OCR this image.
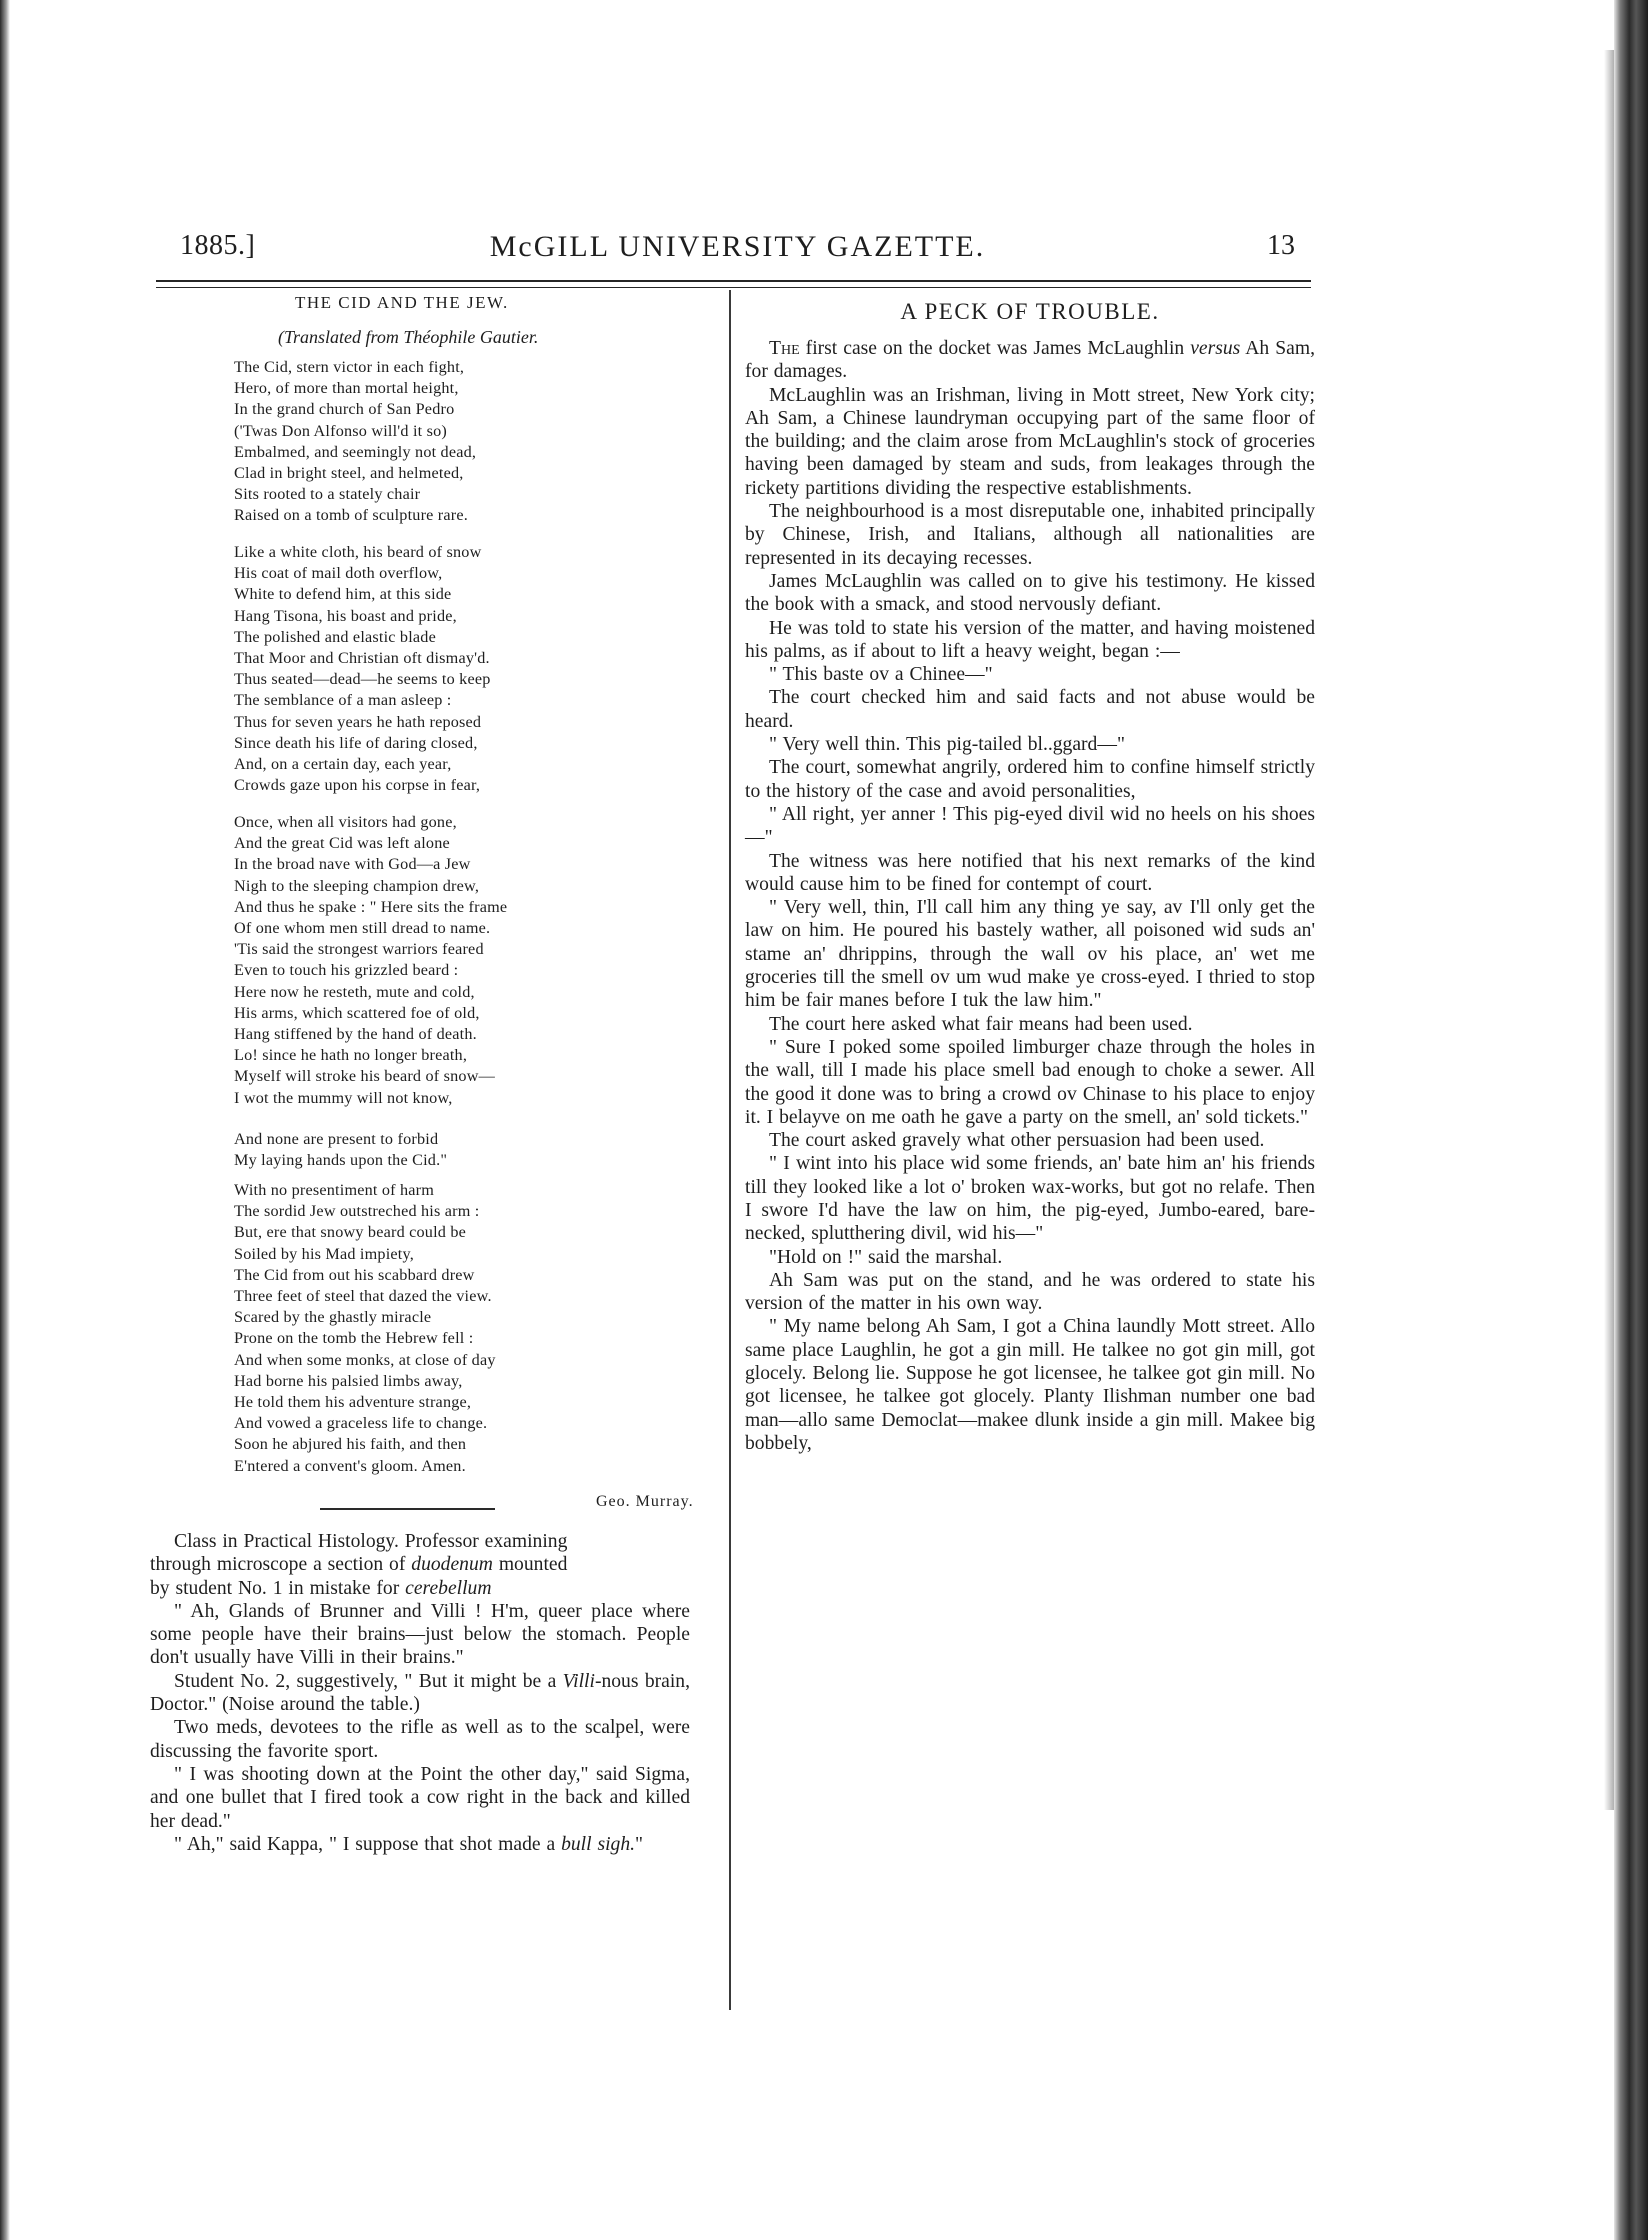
1885.]	McGILL UNIVERSITY GAZETTE.	13
THE CID AND THE JEW.
(Translated from Théophile Gautier.
The Cid, stern victor in each fight,
Hero, of more than mortal height,
In the grand church of San Pedro
('Twas Don Alfonso will'd it so)
Embalmed, and seemingly not dead,
Clad in bright steel, and helmeted,
Sits rooted to a stately chair
Raised on a tomb of sculpture rare.
Like a white cloth, his beard of snow
His coat of mail doth overflow,
White to defend him, at this side
Hang Tisona, his boast and pride,
The polished and elastic blade
That Moor and Christian oft dismay'd.
Thus seated—dead—he seems to keep
The semblance of a man asleep :
Thus for seven years he hath reposed
Since death his life of daring closed,
And, on a certain day, each year,
Crowds gaze upon his corpse in fear,
Once, when all visitors had gone,
And the great Cid was left alone
In the broad nave with God—a Jew
Nigh to the sleeping champion drew,
And thus he spake : " Here sits the frame
Of one whom men still dread to name.
'Tis said the strongest warriors feared
Even to touch his grizzled beard :
Here now he resteth, mute and cold,
His arms, which scattered foe of old,
Hang stiffened by the hand of death.
Lo! since he hath no longer breath,
Myself will stroke his beard of snow—
I wot the mummy will not know,
And none are present to forbid
My laying hands upon the Cid."
With no presentiment of harm
The sordid Jew outstreched his arm :
But, ere that snowy beard could be
Soiled by his Mad impiety,
The Cid from out his scabbard drew
Three feet of steel that dazed the view.
Scared by the ghastly miracle
Prone on the tomb the Hebrew fell :
And when some monks, at close of day
Had borne his palsied limbs away,
He told them his adventure strange,
And vowed a graceless life to change.
Soon he abjured his faith, and then
E'ntered a convent's gloom. Amen.
Geo. Murray.

Class in Practical Histology. Professor examining
through microscope a section of duodenum mounted
by student No. 1 in mistake for cerebellum

" Ah, Glands of Brunner and Villi ! H'm, queer place where some people have their brains—just below the stomach. People don't usually have Villi in their brains."

Student No. 2, suggestively, " But it might be a Villi-nous brain, Doctor." (Noise around the table.)

Two meds, devotees to the rifle as well as to the scalpel, were discussing the favorite sport.

" I was shooting down at the Point the other day," said Sigma, and one bullet that I fired took a cow right in the back and killed her dead."

" Ah," said Kappa, " I suppose that shot made a bull sigh."

A PECK OF TROUBLE.

The first case on the docket was James McLaughlin versus Ah Sam, for damages.

McLaughlin was an Irishman, living in Mott street, New York city; Ah Sam, a Chinese laundryman occupying part of the same floor of the building; and the claim arose from McLaughlin's stock of groceries having been damaged by steam and suds, from leakages through the rickety partitions dividing the respective establishments.

The neighbourhood is a most disreputable one, inhabited principally by Chinese, Irish, and Italians, although all nationalities are represented in its decaying recesses.

James McLaughlin was called on to give his testimony. He kissed the book with a smack, and stood nervously defiant.

He was told to state his version of the matter, and having moistened his palms, as if about to lift a heavy weight, began :—

" This baste ov a Chinee—"

The court checked him and said facts and not abuse would be heard.

" Very well thin. This pig-tailed bl..ggard—"

The court, somewhat angrily, ordered him to confine himself strictly to the history of the case and avoid personalities,

" All right, yer anner ! This pig-eyed divil wid no heels on his shoes—"

The witness was here notified that his next remarks of the kind would cause him to be fined for contempt of court.

" Very well, thin, I'll call him any thing ye say, av I'll only get the law on him. He poured his bastely wather, all poisoned wid suds an' stame an' dhrippins, through the wall ov his place, an' wet me groceries till the smell ov um wud make ye cross-eyed. I thried to stop him be fair manes before I tuk the law him."

The court here asked what fair means had been used.

" Sure I poked some spoiled limburger chaze through the holes in the wall, till I made his place smell bad enough to choke a sewer. All the good it done was to bring a crowd ov Chinase to his place to enjoy it. I belayve on me oath he gave a party on the smell, an' sold tickets."

The court asked gravely what other persuasion had been used.

" I wint into his place wid some friends, an' bate him an' his friends till they looked like a lot o' broken wax-works, but got no relafe. Then I swore I'd have the law on him, the pig-eyed, Jumbo-eared, bare-necked, splutthering divil, wid his—"

"Hold on !" said the marshal.

Ah Sam was put on the stand, and he was ordered to state his version of the matter in his own way.

" My name belong Ah Sam, I got a China laundly Mott street. Allo same place Laughlin, he got a gin mill. He talkee no got gin mill, got glocely. Belong lie. Suppose he got licensee, he talkee got gin mill. No got licensee, he talkee got glocely. Planty Ilishman number one bad man—allo same Democlat—makee dlunk inside a gin mill. Makee big bobbely,
